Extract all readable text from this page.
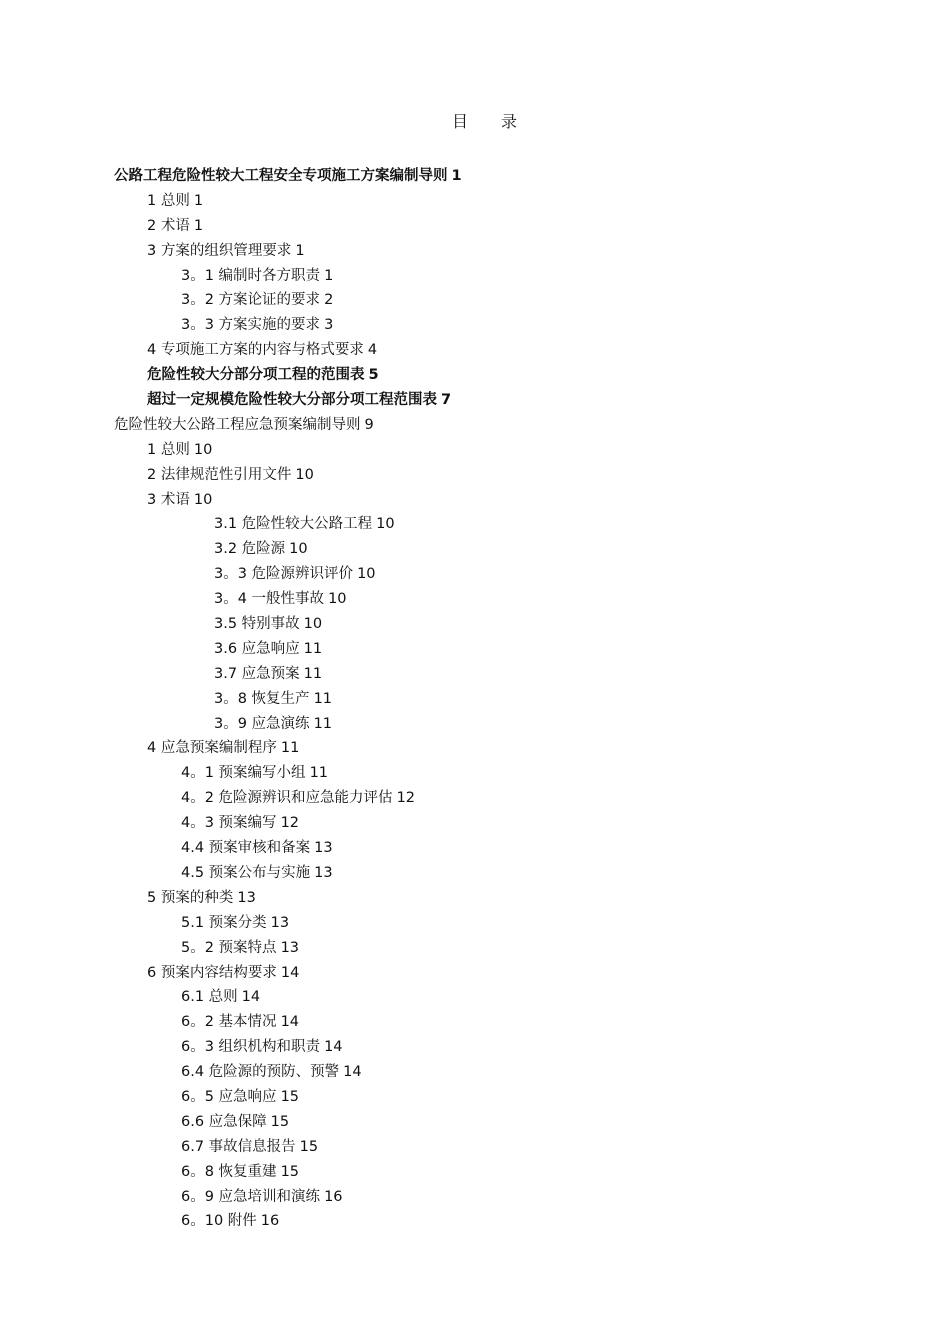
目 录
公路工程危险性较大工程安全专项施工方案编制导则 1
1 总则 1
2 术语 1
3 方案的组织管理要求 1
3。1 编制时各方职责 1
3。2 方案论证的要求 2
3。3 方案实施的要求 3
4 专项施工方案的内容与格式要求 4
危险性较大分部分项工程的范围表 5
超过一定规模危险性较大分部分项工程范围表 7
危险性较大公路工程应急预案编制导则 9
1 总则 10
2 法律规范性引用文件 10
3 术语 10
3.1 危险性较大公路工程 10
3.2 危险源 10
3。3 危险源辨识评价 10
3。4 一般性事故 10
3.5 特别事故 10
3.6 应急响应 11
3.7 应急预案 11
3。8 恢复生产 11
3。9 应急演练 11
4 应急预案编制程序 11
4。1 预案编写小组 11
4。2 危险源辨识和应急能力评估 12
4。3 预案编写 12
4.4 预案审核和备案 13
4.5 预案公布与实施 13
5 预案的种类 13
5.1 预案分类 13
5。2 预案特点 13
6 预案内容结构要求 14
6.1 总则 14
6。2 基本情况 14
6。3 组织机构和职责 14
6.4 危险源的预防、预警 14
6。5 应急响应 15
6.6 应急保障 15
6.7 事故信息报告 15
6。8 恢复重建 15
6。9 应急培训和演练 16
6。10 附件 16
